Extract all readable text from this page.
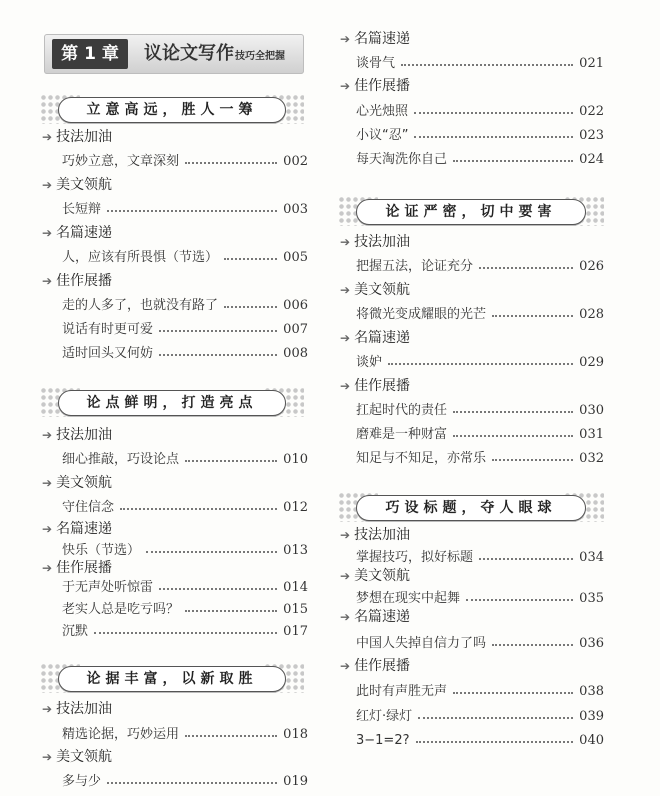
第 1 章	议论文写作技巧全把握
立意高远，胜人一筹
➔ 技法加油
巧妙立意，文章深刻	002
➔ 美文领航
长短辩	003
➔ 名篇速递
人，应该有所畏惧（节选）	005
➔ 佳作展播
走的人多了，也就没有路了	006
说话有时更可爱	007
适时回头又何妨	008
论点鲜明，打造亮点
➔ 技法加油
细心推敲，巧设论点	010
➔ 美文领航
守住信念	012
➔ 名篇速递
快乐（节选）	013
➔ 佳作展播
于无声处听惊雷	014
老实人总是吃亏吗？	015
沉默	017
论据丰富，以新取胜
➔ 技法加油
精选论据，巧妙运用	018
➔ 美文领航
多与少	019
➔ 名篇速递
谈骨气	021
➔ 佳作展播
心光烛照	022
小议“忍”	023
每天淘洗你自己	024
论证严密，切中要害
➔ 技法加油
把握五法，论证充分	026
➔ 美文领航
将微光变成耀眼的光芒	028
➔ 名篇速递
谈妒	029
➔ 佳作展播
扛起时代的责任	030
磨难是一种财富	031
知足与不知足，亦常乐	032
巧设标题，夺人眼球
➔ 技法加油
掌握技巧，拟好标题	034
➔ 美文领航
梦想在现实中起舞	035
➔ 名篇速递
中国人失掉自信力了吗	036
➔ 佳作展播
此时有声胜无声	038
红灯·绿灯	039
3−1=2?	040
